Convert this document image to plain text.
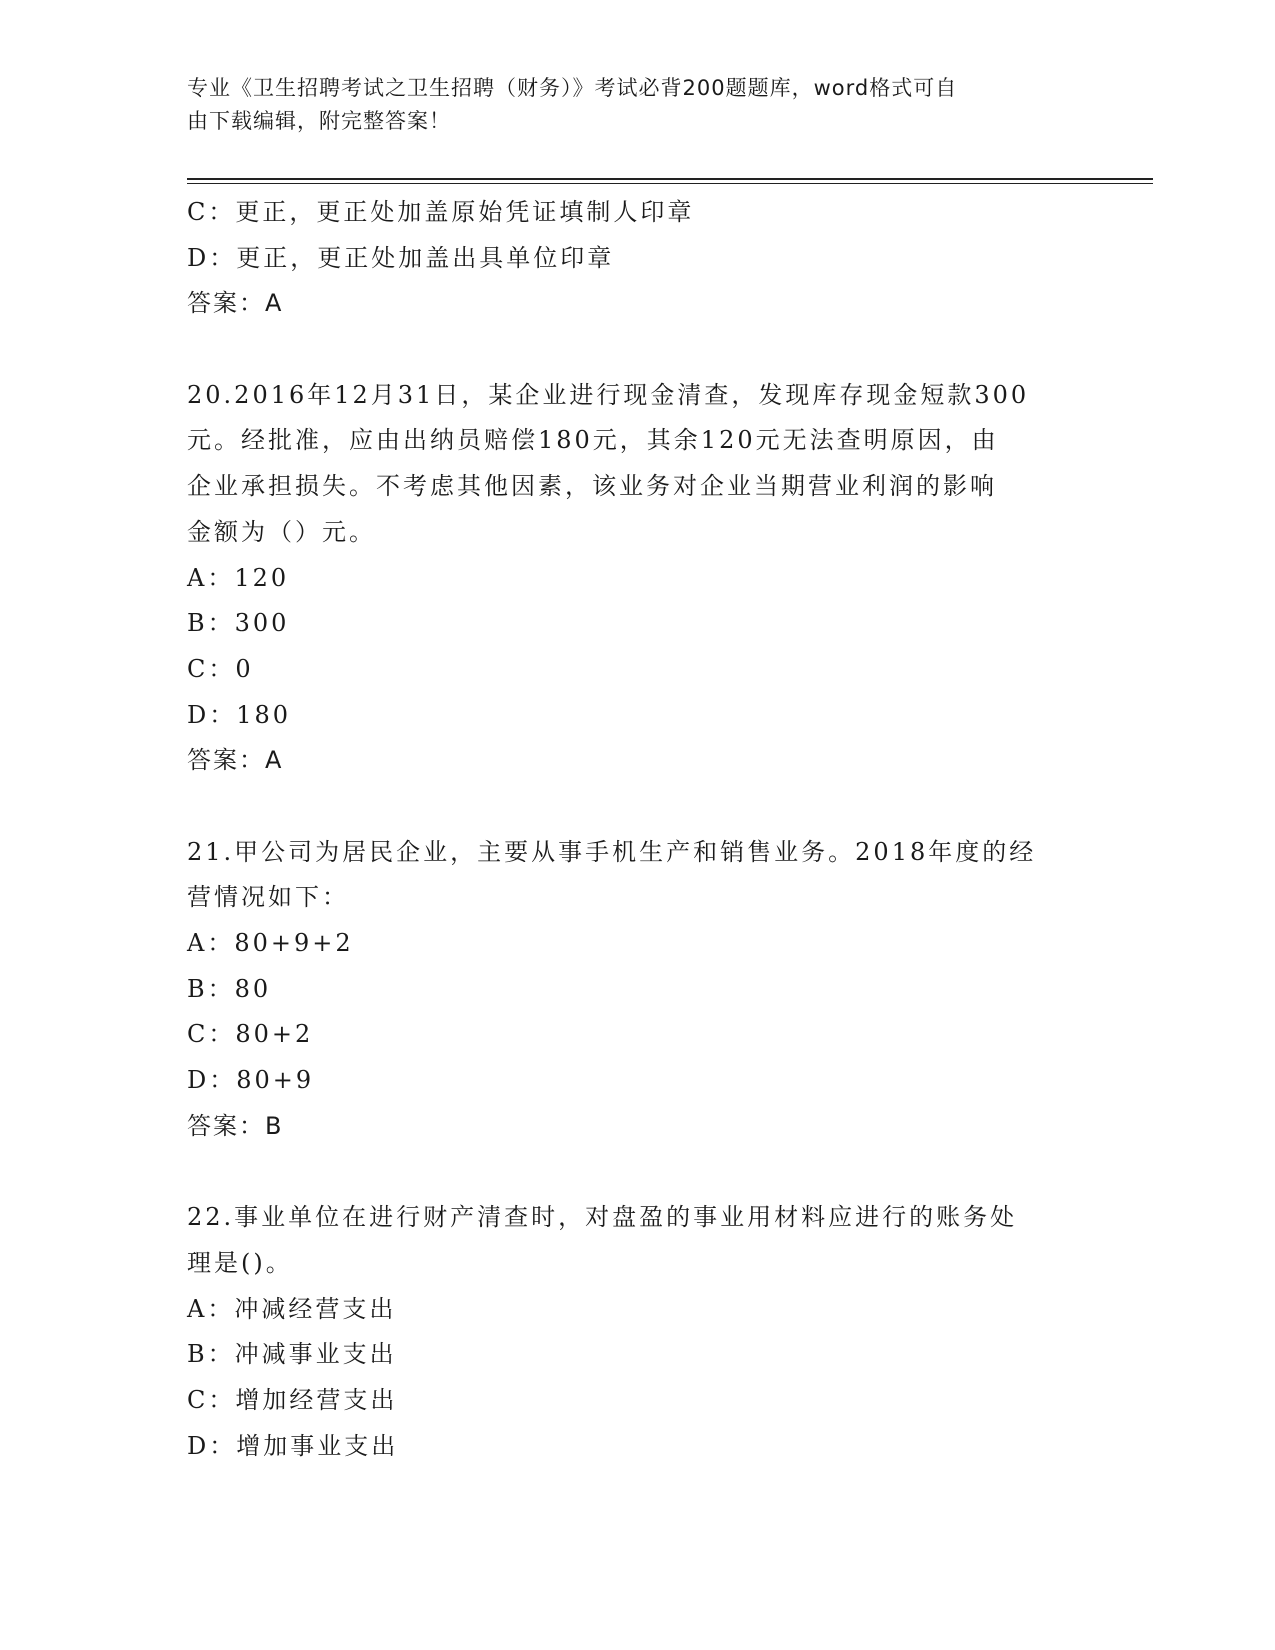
专业《卫生招聘考试之卫生招聘（财务）》考试必背200题题库，word格式可自
由下载编辑，附完整答案！
C：更正，更正处加盖原始凭证填制人印章
D：更正，更正处加盖出具单位印章
答案：A
20.2016年12月31日，某企业进行现金清查，发现库存现金短款300
元。经批准，应由出纳员赔偿180元，其余120元无法查明原因，由
企业承担损失。不考虑其他因素，该业务对企业当期营业利润的影响
金额为（）元。
A：120
B：300
C：0
D：180
答案：A
21.甲公司为居民企业，主要从事手机生产和销售业务。2018年度的经
营情况如下：
A：80+9+2
B：80
C：80+2
D：80+9
答案：B
22.事业单位在进行财产清查时，对盘盈的事业用材料应进行的账务处
理是()。
A：冲减经营支出
B：冲减事业支出
C：增加经营支出
D：增加事业支出
